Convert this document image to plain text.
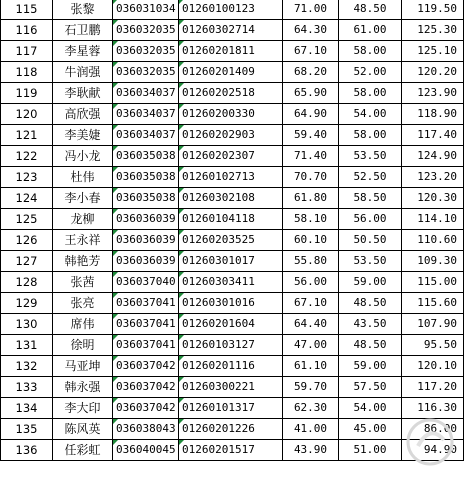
115	张黎	036031034	01260100123	71.00	48.50	119.50
116	石卫鹏	036032035	01260302714	64.30	61.00	125.30
117	李星蓉	036032035	01260201811	67.10	58.00	125.10
118	牛润强	036032035	01260201409	68.20	52.00	120.20
119	李耿献	036034037	01260202518	65.90	58.00	123.90
120	高欣强	036034037	01260200330	64.90	54.00	118.90
121	李美婕	036034037	01260202903	59.40	58.00	117.40
122	冯小龙	036035038	01260202307	71.40	53.50	124.90
123	杜伟	036035038	01260102713	70.70	52.50	123.20
124	李小春	036035038	01260302108	61.80	58.50	120.30
125	龙柳	036036039	01260104118	58.10	56.00	114.10
126	王永祥	036036039	01260203525	60.10	50.50	110.60
127	韩艳芳	036036039	01260301017	55.80	53.50	109.30
128	张茜	036037040	01260303411	56.00	59.00	115.00
129	张亮	036037041	01260301016	67.10	48.50	115.60
130	席伟	036037041	01260201604	64.40	43.50	107.90
131	徐明	036037041	01260103127	47.00	48.50	95.50
132	马亚坤	036037042	01260201116	61.10	59.00	120.10
133	韩永强	036037042	01260300221	59.70	57.50	117.20
134	李大印	036037042	01260101317	62.30	54.00	116.30
135	陈风英	036038043	01260201226	41.00	45.00	86.00
136	任彩虹	036040045	01260201517	43.90	51.00	94.90
